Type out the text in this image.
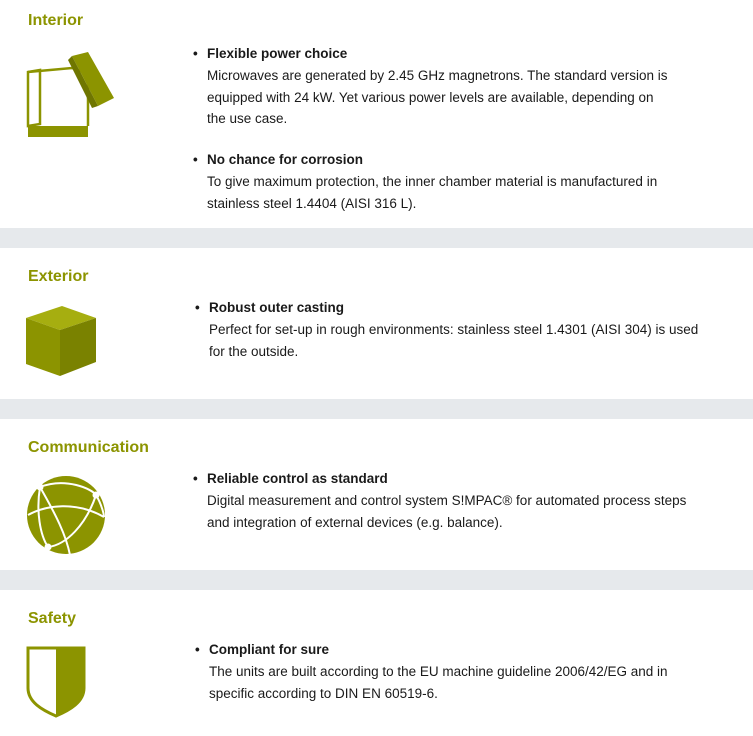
Interior
• Flexible power choice
Microwaves are generated by 2.45 GHz magnetrons. The standard version is
equipped with 24 kW. Yet various power levels are available, depending on
the use case.
• No chance for corrosion
To give maximum protection, the inner chamber material is manufactured in
stainless steel 1.4404 (AISI 316 L).
Exterior
• Robust outer casting
Perfect for set-up in rough environments: stainless steel 1.4301 (AISI 304) is used
for the outside.
Communication
• Reliable control as standard
Digital measurement and control system S!MPAC® for automated process steps
and integration of external devices (e.g. balance).
Safety
• Compliant for sure
The units are built according to the EU machine guideline 2006/42/EG and in
specific according to DIN EN 60519-6.
